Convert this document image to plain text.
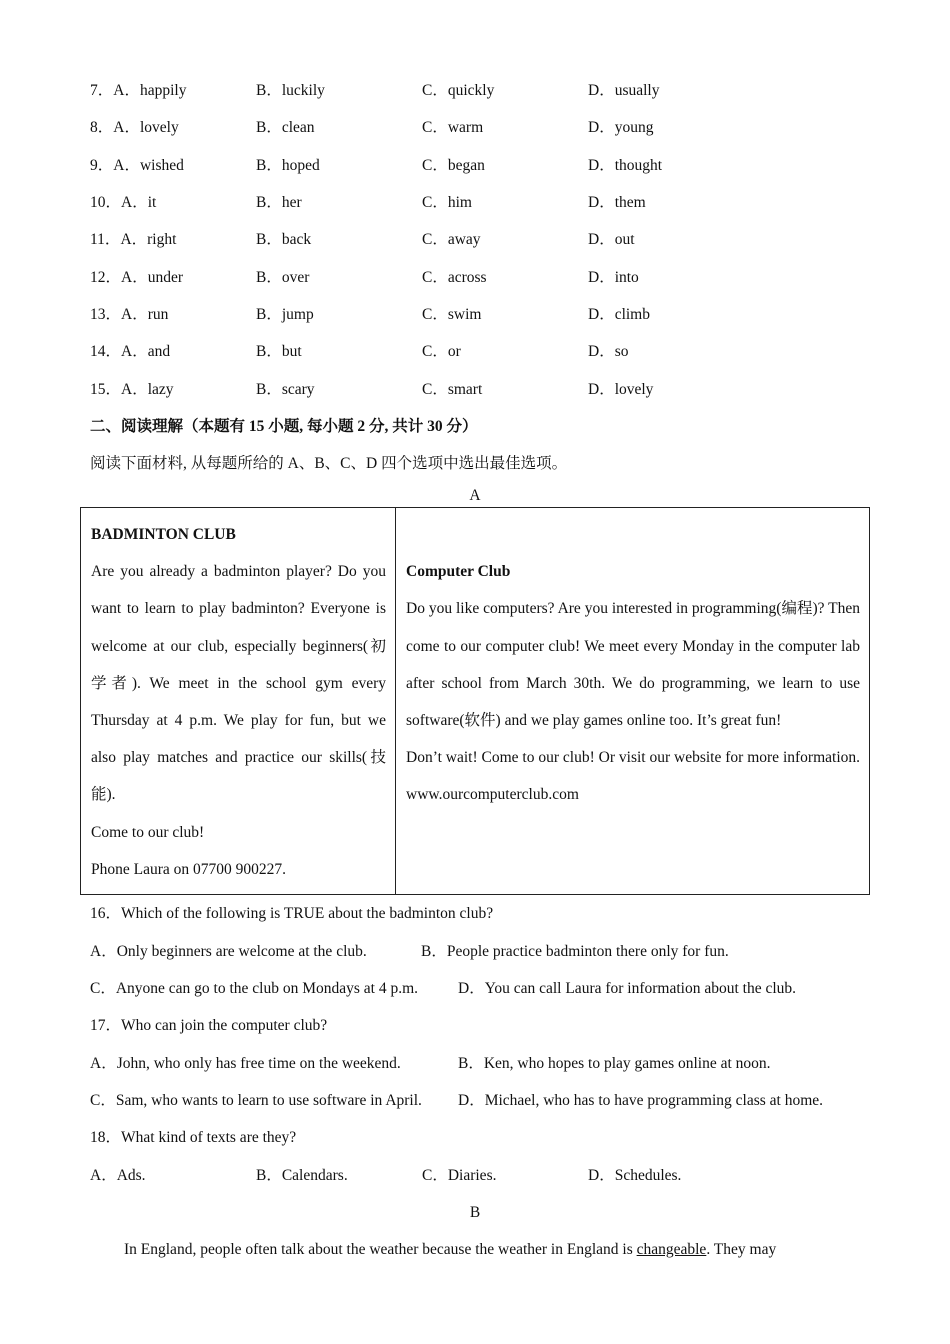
7．A．happily	B．luckily	C．quickly	D．usually
8．A．lovely	B．clean	C．warm	D．young
9．A．wished	B．hoped	C．began	D．thought
10．A．it	B．her	C．him	D．them
11．A．right	B．back	C．away	D．out
12．A．under	B．over	C．across	D．into
13．A．run	B．jump	C．swim	D．climb
14．A．and	B．but	C．or	D．so
15．A．lazy	B．scary	C．smart	D．lovely
二、阅读理解（本题有 15 小题, 每小题 2 分, 共计 30 分）
阅读下面材料, 从每题所给的 A、B、C、D 四个选项中选出最佳选项。
A

BADMINTON CLUB

Are you already a badminton player? Do you want to learn to play badminton? Everyone is welcome at our club, especially beginners(初学者). We meet in the school gym every Thursday at 4 p.m. We play for fun, but we also play matches and practice our skills(技能).

Come to our club!

Phone Laura on 07700 900227.

Computer Club

Do you like computers? Are you interested in programming(编程)? Then come to our computer club! We meet every Monday in the computer lab after school from March 30th. We do programming, we learn to use software(软件) and we play games online too. It’s great fun!

Don’t wait! Come to our club! Or visit our website for more information. www.ourcomputerclub.com

16．Which of the following is TRUE about the badminton club?
A．Only beginners are welcome at the club.	B．People practice badminton there only for fun.
C．Anyone can go to the club on Mondays at 4 p.m.	D．You can call Laura for information about the club.
17．Who can join the computer club?
A．John, who only has free time on the weekend.	B．Ken, who hopes to play games online at noon.
C．Sam, who wants to learn to use software in April. D．Michael, who has to have programming class at home.
18．What kind of texts are they?
A．Ads.	B．Calendars.	C．Diaries.	D．Schedules.
B
In England, people often talk about the weather because the weather in England is changeable. They may
